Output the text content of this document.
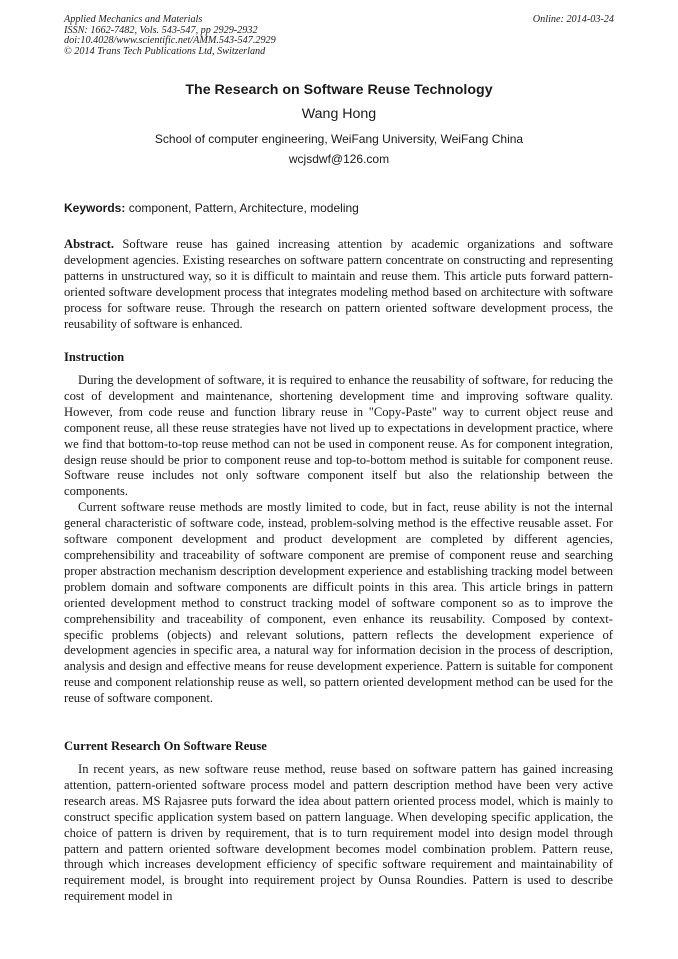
Applied Mechanics and Materials
ISSN: 1662-7482, Vols. 543-547, pp 2929-2932
doi:10.4028/www.scientific.net/AMM.543-547.2929
© 2014 Trans Tech Publications Ltd, Switzerland
Online: 2014-03-24
The Research on Software Reuse Technology
Wang Hong
School of computer engineering, WeiFang University, WeiFang China
wcjsdwf@126.com
Keywords: component, Pattern, Architecture, modeling

Abstract. Software reuse has gained increasing attention by academic organizations and software development agencies. Existing researches on software pattern concentrate on constructing and representing patterns in unstructured way, so it is difficult to maintain and reuse them. This article puts forward pattern-oriented software development process that integrates modeling method based on architecture with software process for software reuse. Through the research on pattern oriented software development process, the reusability of software is enhanced.

Instruction

During the development of software, it is required to enhance the reusability of software, for reducing the cost of development and maintenance, shortening development time and improving software quality. However, from code reuse and function library reuse in "Copy-Paste" way to current object reuse and component reuse, all these reuse strategies have not lived up to expectations in development practice, where we find that bottom-to-top reuse method can not be used in component reuse. As for component integration, design reuse should be prior to component reuse and top-to-bottom method is suitable for component reuse. Software reuse includes not only software component itself but also the relationship between the components.

Current software reuse methods are mostly limited to code, but in fact, reuse ability is not the internal general characteristic of software code, instead, problem-solving method is the effective reusable asset. For software component development and product development are completed by different agencies, comprehensibility and traceability of software component are premise of component reuse and searching proper abstraction mechanism description development experience and establishing tracking model between problem domain and software components are difficult points in this area. This article brings in pattern oriented development method to construct tracking model of software component so as to improve the comprehensibility and traceability of component, even enhance its reusability. Composed by context-specific problems (objects) and relevant solutions, pattern reflects the development experience of development agencies in specific area, a natural way for information decision in the process of description, analysis and design and effective means for reuse development experience. Pattern is suitable for component reuse and component relationship reuse as well, so pattern oriented development method can be used for the reuse of software component.

Current Research On Software Reuse

In recent years, as new software reuse method, reuse based on software pattern has gained increasing attention, pattern-oriented software process model and pattern description method have been very active research areas. MS Rajasree puts forward the idea about pattern oriented process model, which is mainly to construct specific application system based on pattern language. When developing specific application, the choice of pattern is driven by requirement, that is to turn requirement model into design model through pattern and pattern oriented software development becomes model combination problem. Pattern reuse, through which increases development efficiency of specific software requirement and maintainability of requirement model, is brought into requirement project by Ounsa Roundies. Pattern is used to describe requirement model in
